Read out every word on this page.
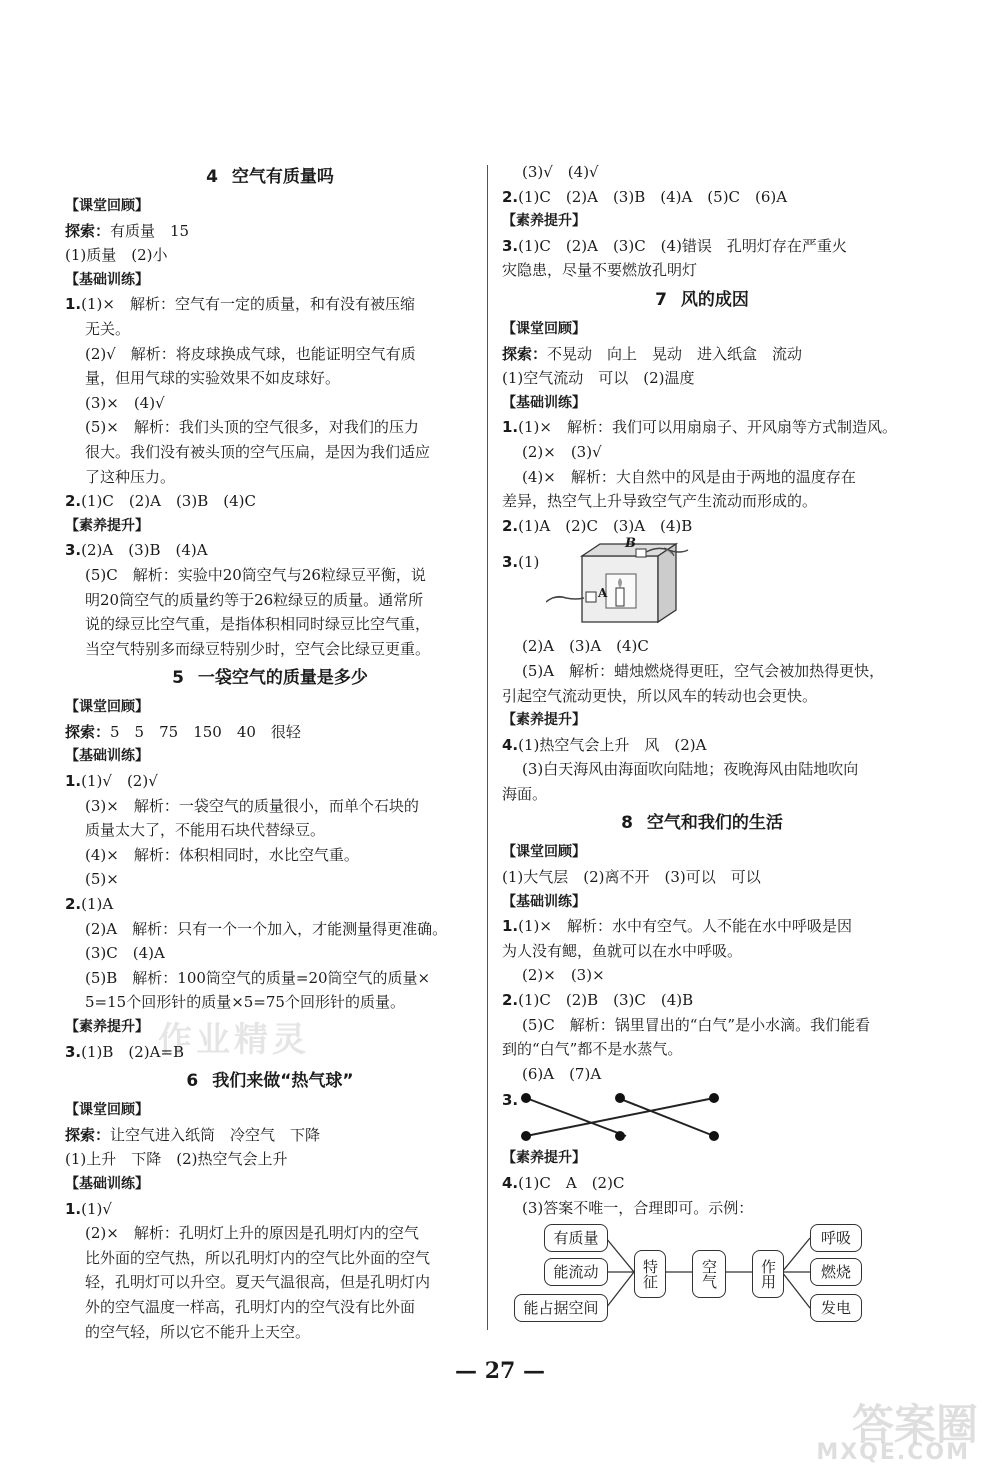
4 空气有质量吗
【课堂回顾】
探索：有质量　15
(1)质量　(2)小
【基础训练】
1.(1)×　解析：空气有一定的质量，和有没有被压缩
无关。
(2)√　解析：将皮球换成气球，也能证明空气有质
量，但用气球的实验效果不如皮球好。
(3)×　(4)√
(5)×　解析：我们头顶的空气很多，对我们的压力
很大。我们没有被头顶的空气压扁，是因为我们适应
了这种压力。
2.(1)C　(2)A　(3)B　(4)C
【素养提升】
3.(2)A　(3)B　(4)A
(5)C　解析：实验中20筒空气与26粒绿豆平衡，说
明20筒空气的质量约等于26粒绿豆的质量。通常所
说的绿豆比空气重，是指体积相同时绿豆比空气重，
当空气特别多而绿豆特别少时，空气会比绿豆更重。
5 一袋空气的质量是多少
【课堂回顾】
探索：5　5　75　150　40　很轻
【基础训练】
1.(1)√　(2)√
(3)×　解析：一袋空气的质量很小，而单个石块的
质量太大了，不能用石块代替绿豆。
(4)×　解析：体积相同时，水比空气重。
(5)×
2.(1)A
(2)A　解析：只有一个一个加入，才能测量得更准确。
(3)C　(4)A
(5)B　解析：100筒空气的质量=20筒空气的质量×
5=15个回形针的质量×5=75个回形针的质量。
【素养提升】
3.(1)B　(2)A=B
6 我们来做“热气球”
【课堂回顾】
探索：让空气进入纸筒　冷空气　下降
(1)上升　下降　(2)热空气会上升
【基础训练】
1.(1)√
(2)×　解析：孔明灯上升的原因是孔明灯内的空气
比外面的空气热，所以孔明灯内的空气比外面的空气
轻，孔明灯可以升空。夏天气温很高，但是孔明灯内
外的空气温度一样高，孔明灯内的空气没有比外面
的空气轻，所以它不能升上天空。
(3)√　(4)√
2.(1)C　(2)A　(3)B　(4)A　(5)C　(6)A
【素养提升】
3.(1)C　(2)A　(3)C　(4)错误　孔明灯存在严重火
灾隐患，尽量不要燃放孔明灯
7 风的成因
【课堂回顾】
探索：不晃动　向上　晃动　进入纸盒　流动
(1)空气流动　可以　(2)温度
【基础训练】
1.(1)×　解析：我们可以用扇扇子、开风扇等方式制造风。
(2)×　(3)√
(4)×　解析：大自然中的风是由于两地的温度存在
差异，热空气上升导致空气产生流动而形成的。
2.(1)A　(2)C　(3)A　(4)B
3.(1)
B
A
(2)A　(3)A　(4)C
(5)A　解析：蜡烛燃烧得更旺，空气会被加热得更快，
引起空气流动更快，所以风车的转动也会更快。
【素养提升】
4.(1)热空气会上升　风　(2)A
(3)白天海风由海面吹向陆地；夜晚海风由陆地吹向
海面。
8 空气和我们的生活
【课堂回顾】
(1)大气层　(2)离不开　(3)可以　可以
【基础训练】
1.(1)×　解析：水中有空气。人不能在水中呼吸是因
为人没有鳃，鱼就可以在水中呼吸。
(2)×　(3)×
2.(1)C　(2)B　(3)C　(4)B
(5)C　解析：锅里冒出的“白气”是小水滴。我们能看
到的“白气”都不是水蒸气。
(6)A　(7)A
3.
【素养提升】
4.(1)C　A　(2)C
(3)答案不唯一，合理即可。示例：
有质量
能流动
能占据空间
特征	空气	作用
呼吸
燃烧
发电
— 27 —
作业精灵
答案圈
MXQE.COM
